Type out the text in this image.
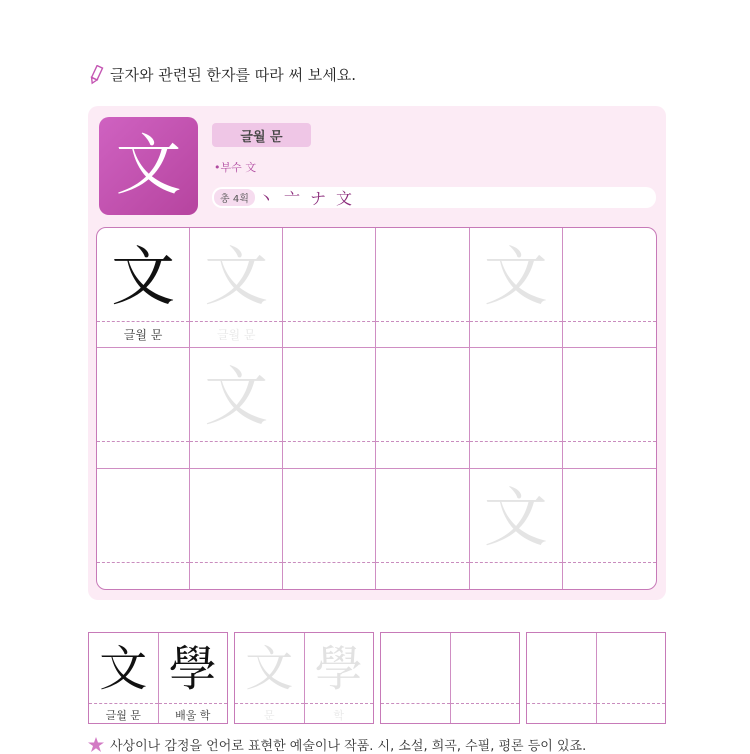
글자와 관련된 한자를 따라 써 보세요.
文	글월 문
•부수 文
총 4획 丶 亠 ナ 文
文
글월 문
文
글월 문
文
文
文
文
글월 문
學
배울 학
文
문
學
학
사상이나 감정을 언어로 표현한 예술이나 작품. 시, 소설, 희곡, 수필, 평론 등이 있죠.
